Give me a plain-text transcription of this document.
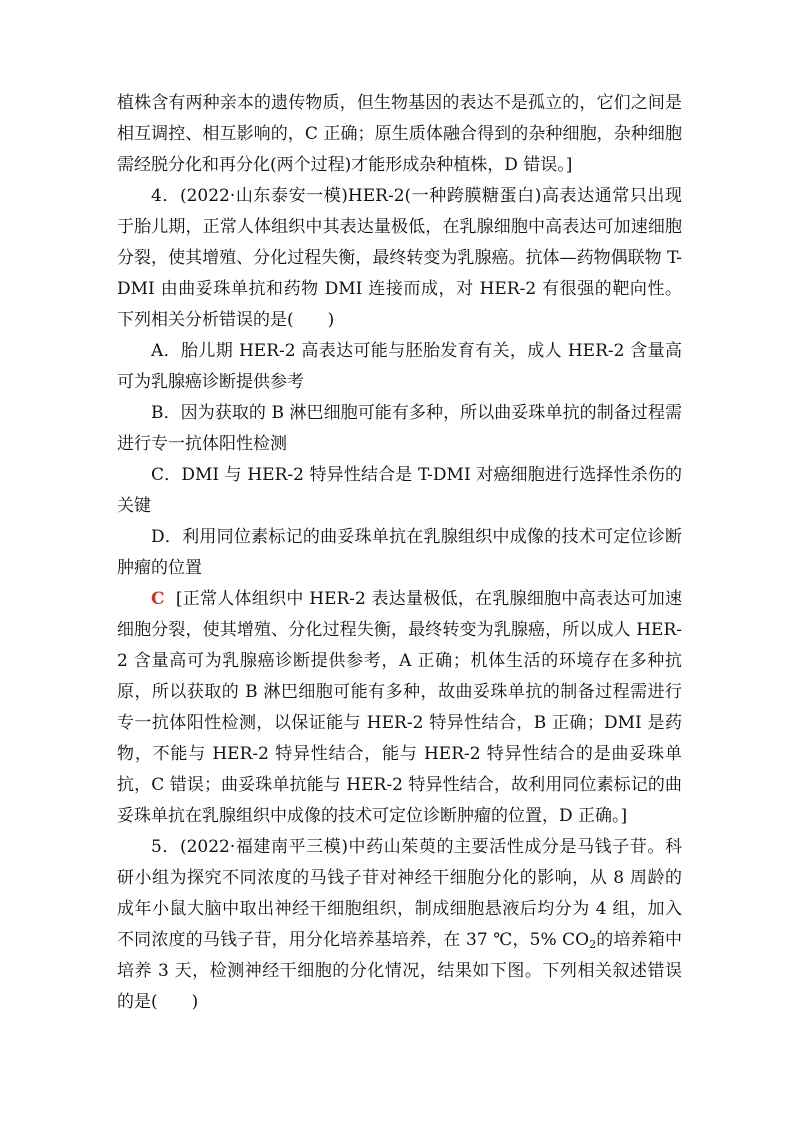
植株含有两种亲本的遗传物质，但生物基因的表达不是孤立的，它们之间是相互调控、相互影响的，C 正确；原生质体融合得到的杂种细胞，杂种细胞需经脱分化和再分化(两个过程)才能形成杂种植株，D 错误。]

4．(2022·山东泰安一模)HER-2(一种跨膜糖蛋白)高表达通常只出现于胎儿期，正常人体组织中其表达量极低，在乳腺细胞中高表达可加速细胞分裂，使其增殖、分化过程失衡，最终转变为乳腺癌。抗体—药物偶联物 T-DMI 由曲妥珠单抗和药物 DMI 连接而成，对 HER-2 有很强的靶向性。下列相关分析错误的是(　　)

A．胎儿期 HER-2 高表达可能与胚胎发育有关，成人 HER-2 含量高可为乳腺癌诊断提供参考

B．因为获取的 B 淋巴细胞可能有多种，所以曲妥珠单抗的制备过程需进行专一抗体阳性检测

C．DMI 与 HER-2 特异性结合是 T-DMI 对癌细胞进行选择性杀伤的关键

D．利用同位素标记的曲妥珠单抗在乳腺组织中成像的技术可定位诊断肿瘤的位置

C [正常人体组织中 HER-2 表达量极低，在乳腺细胞中高表达可加速细胞分裂，使其增殖、分化过程失衡，最终转变为乳腺癌，所以成人 HER-2 含量高可为乳腺癌诊断提供参考，A 正确；机体生活的环境存在多种抗原，所以获取的 B 淋巴细胞可能有多种，故曲妥珠单抗的制备过程需进行专一抗体阳性检测，以保证能与 HER-2 特异性结合，B 正确；DMI 是药物，不能与 HER-2 特异性结合，能与 HER-2 特异性结合的是曲妥珠单抗，C 错误；曲妥珠单抗能与 HER-2 特异性结合，故利用同位素标记的曲妥珠单抗在乳腺组织中成像的技术可定位诊断肿瘤的位置，D 正确。]

5．(2022·福建南平三模)中药山茱萸的主要活性成分是马钱子苷。科研小组为探究不同浓度的马钱子苷对神经干细胞分化的影响，从 8 周龄的成年小鼠大脑中取出神经干细胞组织，制成细胞悬液后均分为 4 组，加入不同浓度的马钱子苷，用分化培养基培养，在 37 ℃，5% $CO_2$的培养箱中培养 3 天，检测神经干细胞的分化情况，结果如下图。下列相关叙述错误的是(　　)
